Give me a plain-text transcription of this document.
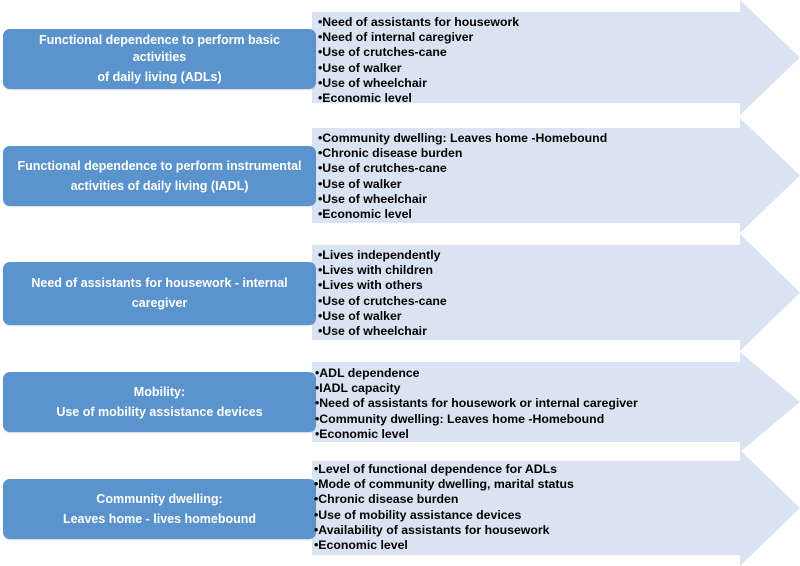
Functional dependence to perform basic activities
of daily living (ADLs)
•Need of assistants for housework
•Need of internal caregiver
•Use of crutches-cane
•Use of walker
•Use of wheelchair
•Economic level
Functional dependence to perform instrumental
activities of daily living (IADL)
•Community dwelling: Leaves home -Homebound
•Chronic disease burden
•Use of crutches-cane
•Use of walker
•Use of wheelchair
•Economic level
Need of assistants for housework - internal
caregiver
•Lives independently
•Lives with children
•Lives with others
•Use of crutches-cane
•Use of walker
•Use of wheelchair
Mobility:
Use of mobility assistance devices
•ADL dependence
•IADL capacity
•Need of assistants for housework or internal caregiver
•Community dwelling: Leaves home -Homebound
•Economic level
Community dwelling:
Leaves home - lives homebound
•Level of functional dependence for ADLs
•Mode of community dwelling, marital status
•Chronic disease burden
•Use of mobility assistance devices
•Availability of assistants for housework
•Economic level
